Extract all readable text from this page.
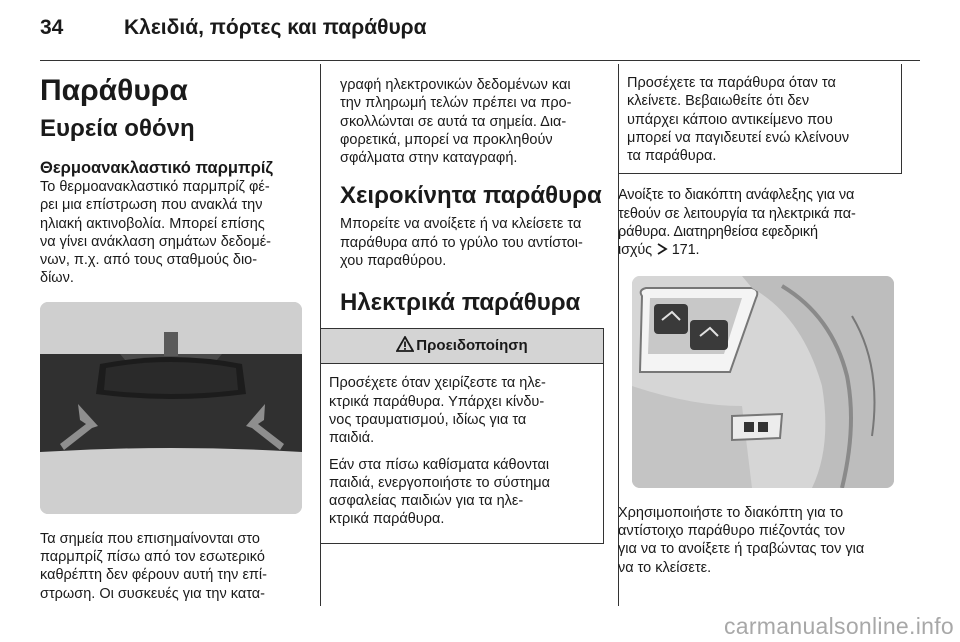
34	Κλειδιά, πόρτες και παράθυρα
Παράθυρα
Ευρεία οθόνη
Θερμοανακλαστικό παρμπρίζ

Το θερμοανακλαστικό παρμπρίζ φέ-
ρει μια επίστρωση που ανακλά την
ηλιακή ακτινοβολία. Μπορεί επίσης
να γίνει ανάκλαση σημάτων δεδομέ-
νων, π.χ. από τους σταθμούς διο-
δίων.

Τα σημεία που επισημαίνονται στο
παρμπρίζ πίσω από τον εσωτερικό
καθρέπτη δεν φέρουν αυτή την επί-
στρωση. Οι συσκευές για την κατα-

γραφή ηλεκτρονικών δεδομένων και
την πληρωμή τελών πρέπει να προ-
σκολλώνται σε αυτά τα σημεία. Δια-
φορετικά, μπορεί να προκληθούν
σφάλματα στην καταγραφή.

Χειροκίνητα παράθυρα

Μπορείτε να ανοίξετε ή να κλείσετε τα
παράθυρα από το γρύλο του αντίστοι-
χου παραθύρου.

Ηλεκτρικά παράθυρα
Προειδοποίηση

Προσέχετε όταν χειρίζεστε τα ηλε-
κτρικά παράθυρα. Υπάρχει κίνδυ-
νος τραυματισμού, ιδίως για τα
παιδιά.

Εάν στα πίσω καθίσματα κάθονται
παιδιά, ενεργοποιήστε το σύστημα
ασφαλείας παιδιών για τα ηλε-
κτρικά παράθυρα.

Προσέχετε τα παράθυρα όταν τα
κλείνετε. Βεβαιωθείτε ότι δεν
υπάρχει κάποιο αντικείμενο που
μπορεί να παγιδευτεί ενώ κλείνουν
τα παράθυρα.

Ανοίξτε το διακόπτη ανάφλεξης για να
τεθούν σε λειτουργία τα ηλεκτρικά πα-
ράθυρα. Διατηρηθείσα εφεδρική
ισχύς 171.

Χρησιμοποιήστε το διακόπτη για το
αντίστοιχο παράθυρο πιέζοντάς τον
για να το ανοίξετε ή τραβώντας τον για
να το κλείσετε.

carmanualsonline.info
